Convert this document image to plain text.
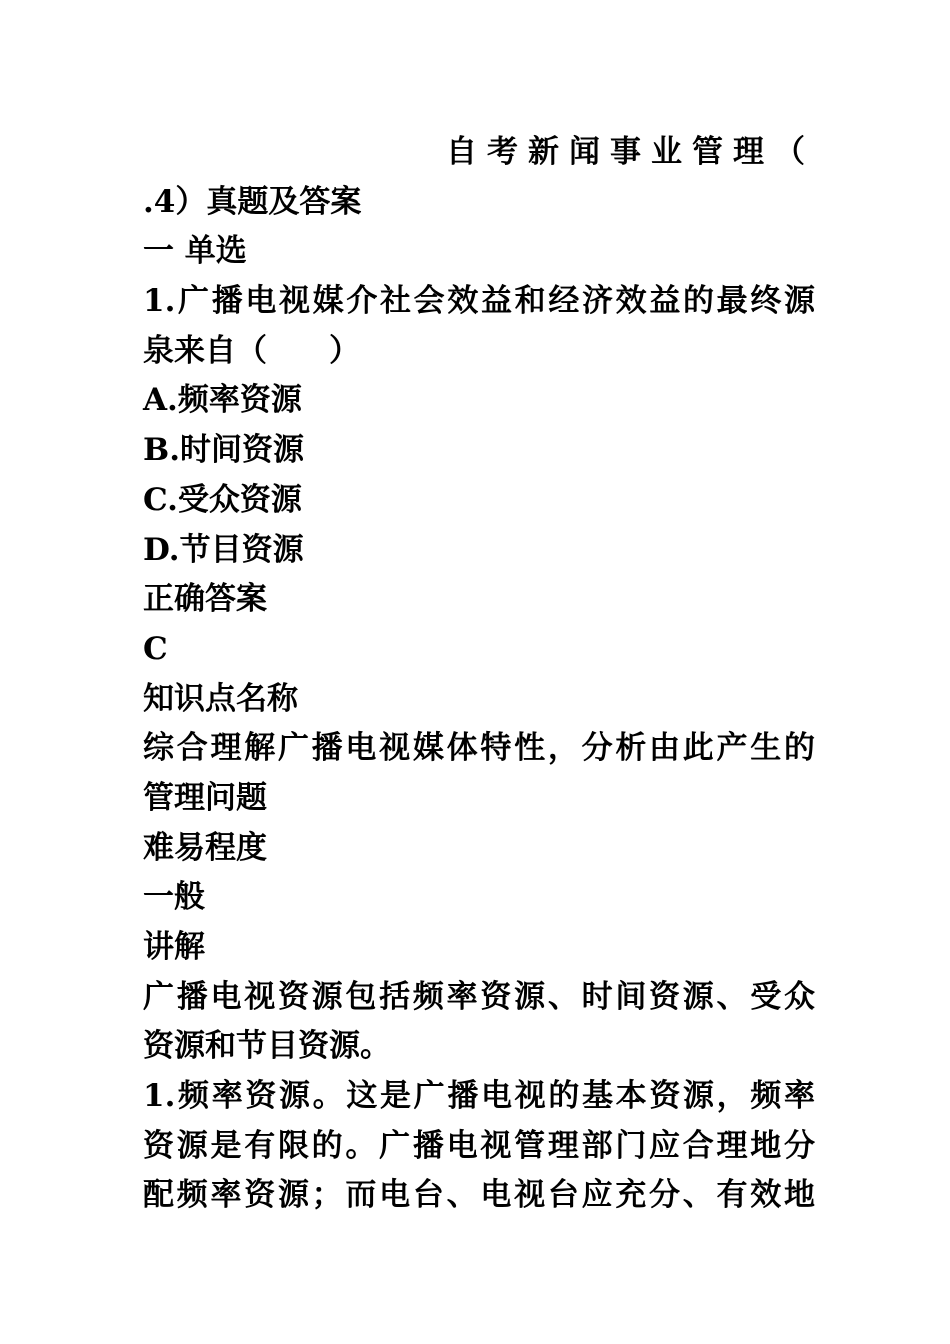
自考新闻事业管理（
.4）真题及答案
一 单选
1.广播电视媒介社会效益和经济效益的最终源
泉来自（　　）
A.频率资源
B.时间资源
C.受众资源
D.节目资源
正确答案
C
知识点名称
综合理解广播电视媒体特性，分析由此产生的
管理问题
难易程度
一般
讲解
广播电视资源包括频率资源、时间资源、受众
资源和节目资源。
1.频率资源。这是广播电视的基本资源，频率
资源是有限的。广播电视管理部门应合理地分
配频率资源；而电台、电视台应充分、有效地
